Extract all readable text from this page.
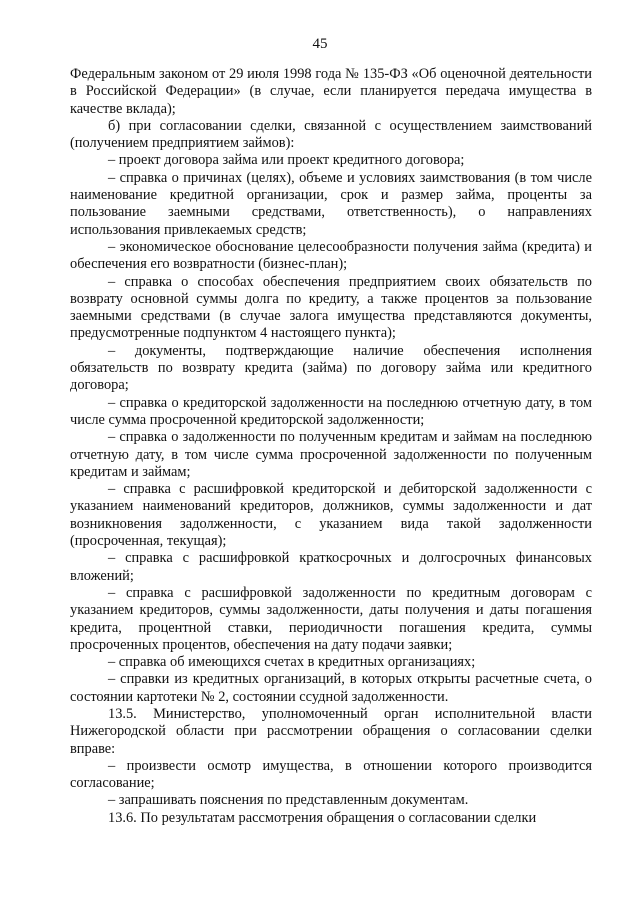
45

Федеральным законом от 29 июля 1998 года № 135-ФЗ «Об оценочной деятельности в Российской Федерации» (в случае, если планируется передача имущества в качестве вклада);

б) при согласовании сделки, связанной с осуществлением заимствований (получением предприятием займов):

– проект договора займа или проект кредитного договора;

– справка о причинах (целях), объеме и условиях заимствования (в том числе наименование кредитной организации, срок и размер займа, проценты за пользование заемными средствами, ответственность), о направлениях использования привлекаемых средств;

– экономическое обоснование целесообразности получения займа (кредита) и обеспечения его возвратности (бизнес-план);

– справка о способах обеспечения предприятием своих обязательств по возврату основной суммы долга по кредиту, а также процентов за пользование заемными средствами (в случае залога имущества представляются документы, предусмотренные подпунктом 4 настоящего пункта);

– документы, подтверждающие наличие обеспечения исполнения обязательств по возврату кредита (займа) по договору займа или кредитного договора;

– справка о кредиторской задолженности на последнюю отчетную дату, в том числе сумма просроченной кредиторской задолженности;

– справка о задолженности по полученным кредитам и займам на последнюю отчетную дату, в том числе сумма просроченной задолженности по полученным кредитам и займам;

– справка с расшифровкой кредиторской и дебиторской задолженности с указанием наименований кредиторов, должников, суммы задолженности и дат возникновения задолженности, с указанием вида такой задолженности (просроченная, текущая);

– справка с расшифровкой краткосрочных и долгосрочных финансовых вложений;

– справка с расшифровкой задолженности по кредитным договорам с указанием кредиторов, суммы задолженности, даты получения и даты погашения кредита, процентной ставки, периодичности погашения кредита, суммы просроченных процентов, обеспечения на дату подачи заявки;

– справка об имеющихся счетах в кредитных организациях;

– справки из кредитных организаций, в которых открыты расчетные счета, о состоянии картотеки № 2, состоянии ссудной задолженности.

13.5. Министерство, уполномоченный орган исполнительной власти Нижегородской области при рассмотрении обращения о согласовании сделки вправе:

– произвести осмотр имущества, в отношении которого производится согласование;

– запрашивать пояснения по представленным документам.

13.6. По результатам рассмотрения обращения о согласовании сделки
